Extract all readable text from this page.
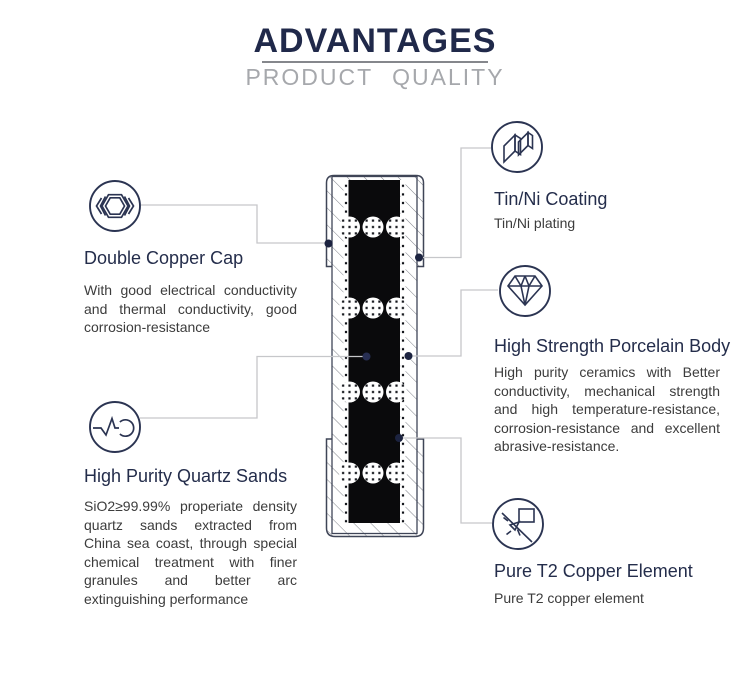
ADVANTAGES
PRODUCT QUALITY
Double Copper Cap
With good electrical conductivity and thermal conductivity, good corrosion-resistance
High Purity Quartz Sands
SiO2≥99.99% properiate density quartz sands extracted from China sea coast, through special chemical treatment with finer granules and better arc extinguishing performance
Tin/Ni Coating
Tin/Ni plating
High Strength Porcelain Body
High purity ceramics with Better conductivity, mechanical strength and high temperature-resistance, corrosion-resistance and excellent abrasive-resistance.
Pure T2 Copper Element
Pure T2 copper element
